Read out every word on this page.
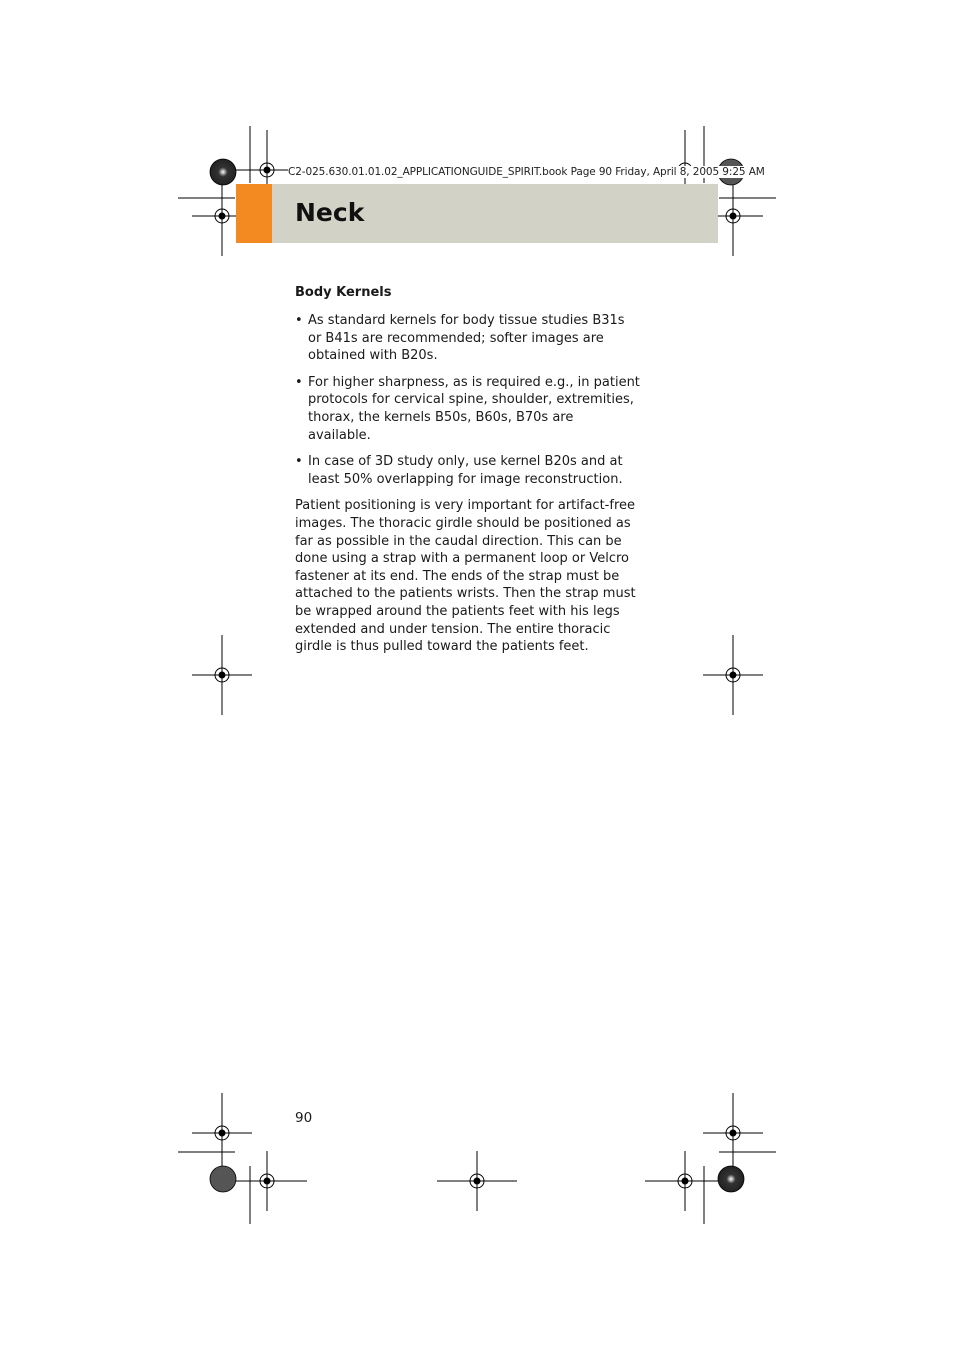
C2-025.630.01.01.02_APPLICATIONGUIDE_SPIRIT.book Page 90 Friday, April 8, 2005 9:25 AM
Neck
Body Kernels
• As standard kernels for body tissue studies B31s or B41s are recommended; softer images are obtained with B20s.
• For higher sharpness, as is required e.g., in patient protocols for cervical spine, shoulder, extremities, thorax, the kernels B50s, B60s, B70s are available.
• In case of 3D study only, use kernel B20s and at least 50% overlapping for image reconstruction.

Patient positioning is very important for artifact-free images. The thoracic girdle should be positioned as far as possible in the caudal direction. This can be done using a strap with a permanent loop or Velcro fastener at its end. The ends of the strap must be attached to the patients wrists. Then the strap must be wrapped around the patients feet with his legs extended and under tension. The entire thoracic girdle is thus pulled toward the patients feet.

90
